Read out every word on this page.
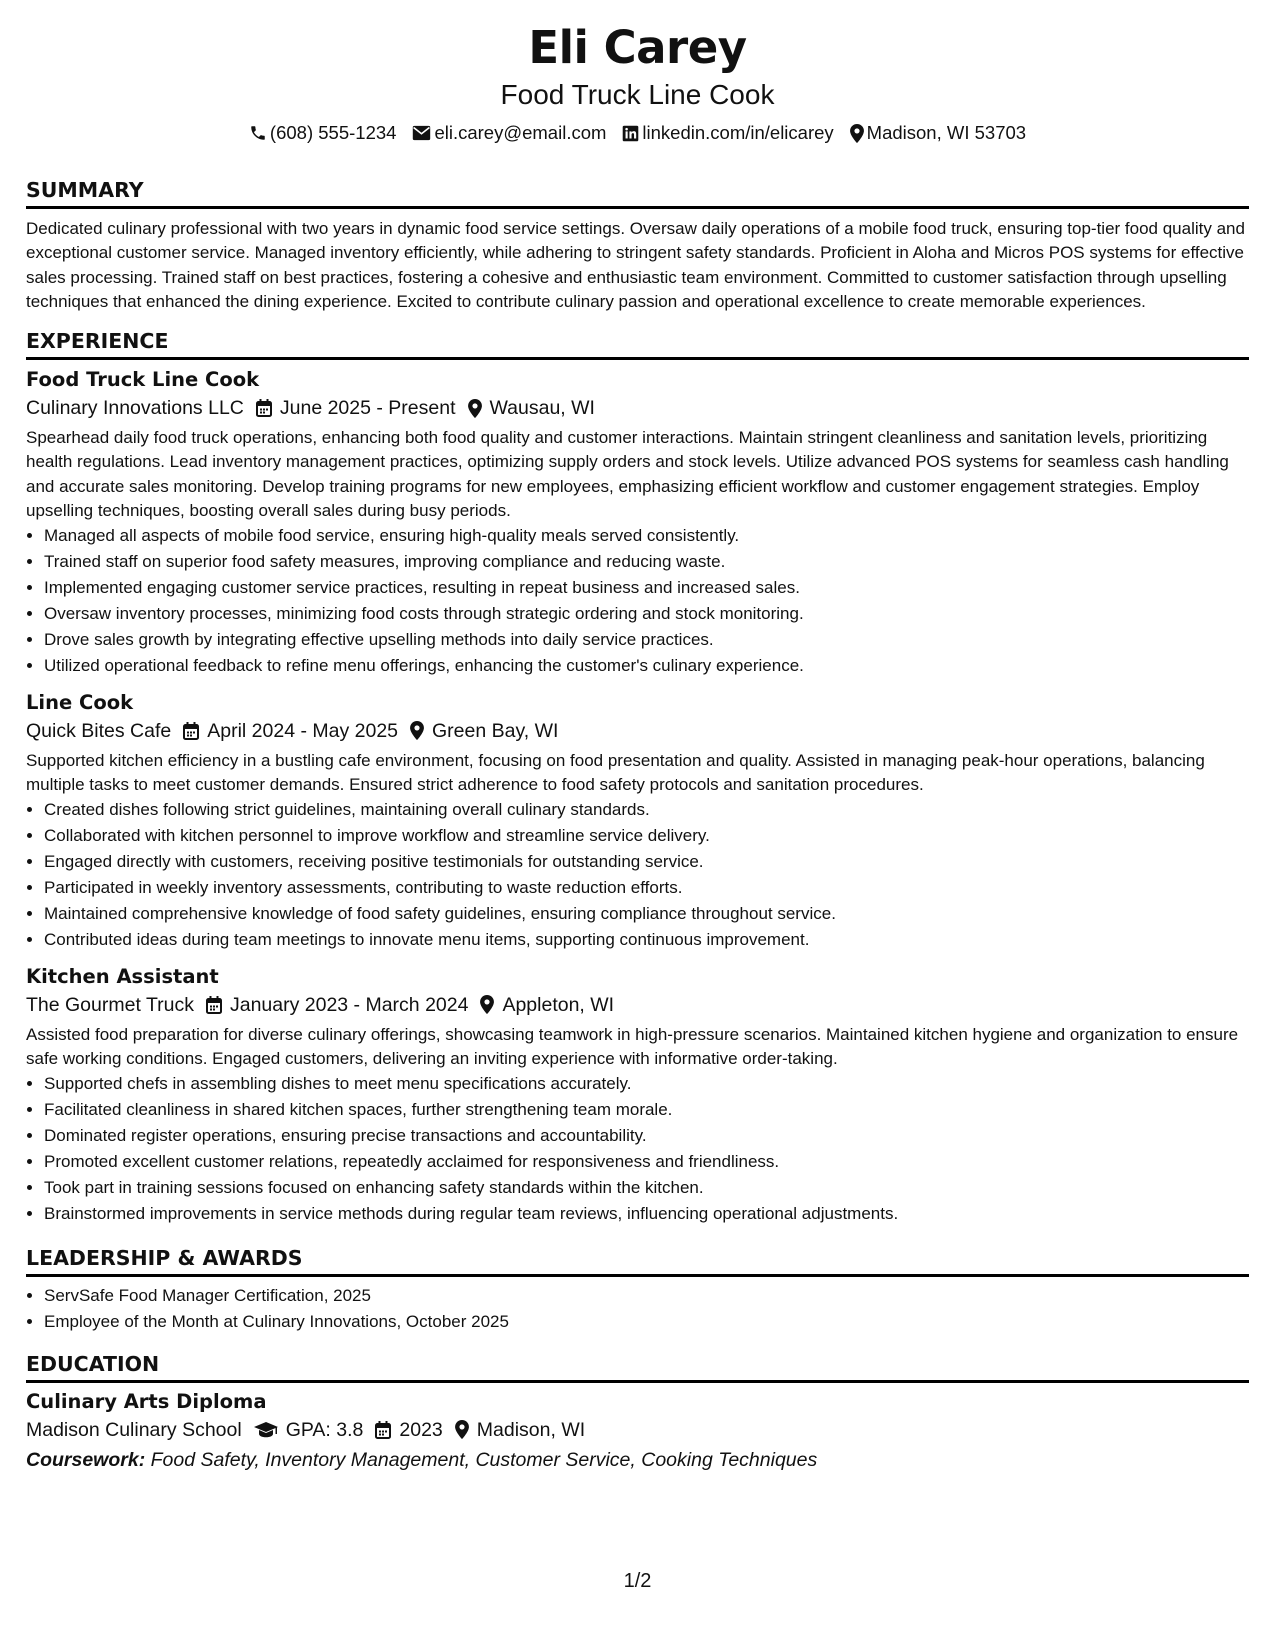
Eli Carey
Food Truck Line Cook
(608) 555-1234 eli.carey@email.com linkedin.com/in/elicarey Madison, WI 53703
SUMMARY

Dedicated culinary professional with two years in dynamic food service settings. Oversaw daily operations of a mobile food truck, ensuring top-tier food quality and exceptional customer service. Managed inventory efficiently, while adhering to stringent safety standards. Proficient in Aloha and Micros POS systems for effective sales processing. Trained staff on best practices, fostering a cohesive and enthusiastic team environment. Committed to customer satisfaction through upselling techniques that enhanced the dining experience. Excited to contribute culinary passion and operational excellence to create memorable experiences.

EXPERIENCE
Food Truck Line Cook
Culinary Innovations LLC June 2025 - Present Wausau, WI

Spearhead daily food truck operations, enhancing both food quality and customer interactions. Maintain stringent cleanliness and sanitation levels, prioritizing health regulations. Lead inventory management practices, optimizing supply orders and stock levels. Utilize advanced POS systems for seamless cash handling and accurate sales monitoring. Develop training programs for new employees, emphasizing efficient workflow and customer engagement strategies. Employ upselling techniques, boosting overall sales during busy periods.

• Managed all aspects of mobile food service, ensuring high-quality meals served consistently.
• Trained staff on superior food safety measures, improving compliance and reducing waste.
• Implemented engaging customer service practices, resulting in repeat business and increased sales.
• Oversaw inventory processes, minimizing food costs through strategic ordering and stock monitoring.
• Drove sales growth by integrating effective upselling methods into daily service practices.
• Utilized operational feedback to refine menu offerings, enhancing the customer's culinary experience.
Line Cook
Quick Bites Cafe April 2024 - May 2025 Green Bay, WI

Supported kitchen efficiency in a bustling cafe environment, focusing on food presentation and quality. Assisted in managing peak-hour operations, balancing multiple tasks to meet customer demands. Ensured strict adherence to food safety protocols and sanitation procedures.

• Created dishes following strict guidelines, maintaining overall culinary standards.
• Collaborated with kitchen personnel to improve workflow and streamline service delivery.
• Engaged directly with customers, receiving positive testimonials for outstanding service.
• Participated in weekly inventory assessments, contributing to waste reduction efforts.
• Maintained comprehensive knowledge of food safety guidelines, ensuring compliance throughout service.
• Contributed ideas during team meetings to innovate menu items, supporting continuous improvement.
Kitchen Assistant
The Gourmet Truck January 2023 - March 2024 Appleton, WI

Assisted food preparation for diverse culinary offerings, showcasing teamwork in high-pressure scenarios. Maintained kitchen hygiene and organization to ensure safe working conditions. Engaged customers, delivering an inviting experience with informative order-taking.

• Supported chefs in assembling dishes to meet menu specifications accurately.
• Facilitated cleanliness in shared kitchen spaces, further strengthening team morale.
• Dominated register operations, ensuring precise transactions and accountability.
• Promoted excellent customer relations, repeatedly acclaimed for responsiveness and friendliness.
• Took part in training sessions focused on enhancing safety standards within the kitchen.
• Brainstormed improvements in service methods during regular team reviews, influencing operational adjustments.
LEADERSHIP & AWARDS
• ServSafe Food Manager Certification, 2025
• Employee of the Month at Culinary Innovations, October 2025
EDUCATION
Culinary Arts Diploma
Madison Culinary School GPA: 3.8 2023 Madison, WI
Coursework: Food Safety, Inventory Management, Customer Service, Cooking Techniques
1/2
